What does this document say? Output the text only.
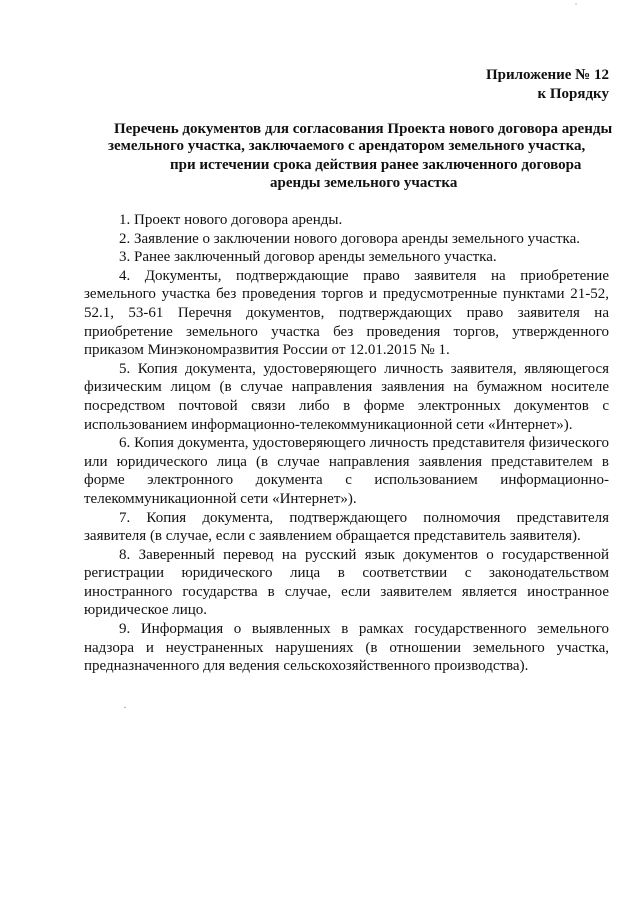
Приложение № 12
к Порядку
Перечень документов для согласования Проекта нового договора аренды
земельного участка, заключаемого с арендатором земельного участка,
при истечении срока действия ранее заключенного договора
аренды земельного участка

1. Проект нового договора аренды.

2. Заявление о заключении нового договора аренды земельного участка.

3. Ранее заключенный договор аренды земельного участка.

4. Документы, подтверждающие право заявителя на приобретение земельного участка без проведения торгов и предусмотренные пунктами 21-52, 52.1, 53-61 Перечня документов, подтверждающих право заявителя на приобретение земельного участка без проведения торгов, утвержденного приказом Минэкономразвития России от 12.01.2015 № 1.

5. Копия документа, удостоверяющего личность заявителя, являющегося физическим лицом (в случае направления заявления на бумажном носителе посредством почтовой связи либо в форме электронных документов с использованием информационно-телекоммуникационной сети «Интернет»).

6. Копия документа, удостоверяющего личность представителя физического или юридического лица (в случае направления заявления представителем в форме электронного документа с использованием информационно-телекоммуникационной сети «Интернет»).

7. Копия документа, подтверждающего полномочия представителя заявителя (в случае, если с заявлением обращается представитель заявителя).

8. Заверенный перевод на русский язык документов о государственной регистрации юридического лица в соответствии с законодательством иностранного государства в случае, если заявителем является иностранное юридическое лицо.

9. Информация о выявленных в рамках государственного земельного надзора и неустраненных нарушениях (в отношении земельного участка, предназначенного для ведения сельскохозяйственного производства).

˙
·
